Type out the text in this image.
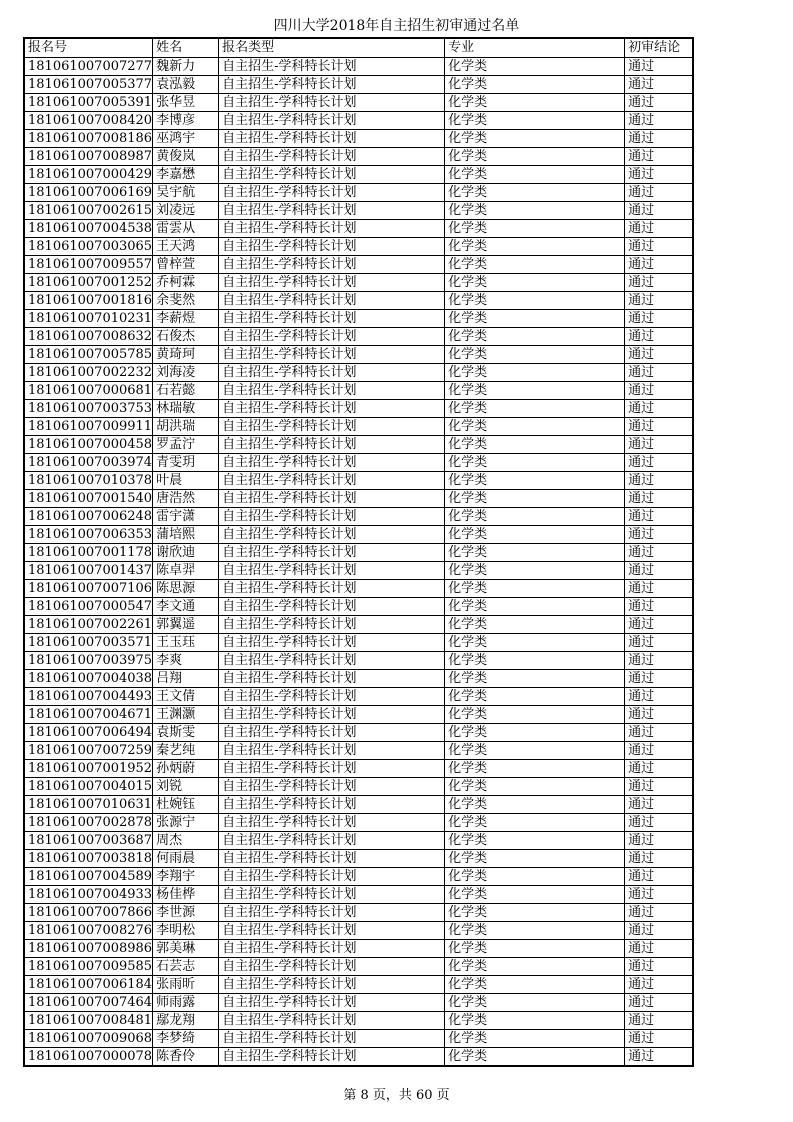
四川大学2018年自主招生初审通过名单
报名号	姓名	报名类型	专业	初审结论
181061007007277	魏新力	自主招生-学科特长计划	化学类	通过
181061007005377	袁泓毅	自主招生-学科特长计划	化学类	通过
181061007005391	张华昱	自主招生-学科特长计划	化学类	通过
181061007008420	李博彦	自主招生-学科特长计划	化学类	通过
181061007008186	巫鸿宇	自主招生-学科特长计划	化学类	通过
181061007008987	黄俊岚	自主招生-学科特长计划	化学类	通过
181061007000429	李嘉懋	自主招生-学科特长计划	化学类	通过
181061007006169	吴宇航	自主招生-学科特长计划	化学类	通过
181061007002615	刘凌远	自主招生-学科特长计划	化学类	通过
181061007004538	雷雲从	自主招生-学科特长计划	化学类	通过
181061007003065	王天鸿	自主招生-学科特长计划	化学类	通过
181061007009557	曾梓萱	自主招生-学科特长计划	化学类	通过
181061007001252	乔柯霖	自主招生-学科特长计划	化学类	通过
181061007001816	余斐然	自主招生-学科特长计划	化学类	通过
181061007010231	李薪煜	自主招生-学科特长计划	化学类	通过
181061007008632	石俊杰	自主招生-学科特长计划	化学类	通过
181061007005785	黄琦珂	自主招生-学科特长计划	化学类	通过
181061007002232	刘海凌	自主招生-学科特长计划	化学类	通过
181061007000681	石若懿	自主招生-学科特长计划	化学类	通过
181061007003753	林瑞敏	自主招生-学科特长计划	化学类	通过
181061007009911	胡洪瑞	自主招生-学科特长计划	化学类	通过
181061007000458	罗孟泞	自主招生-学科特长计划	化学类	通过
181061007003974	青雯玥	自主招生-学科特长计划	化学类	通过
181061007010378	叶晨	自主招生-学科特长计划	化学类	通过
181061007001540	唐浩然	自主招生-学科特长计划	化学类	通过
181061007006248	雷宇潇	自主招生-学科特长计划	化学类	通过
181061007006353	蒲培熙	自主招生-学科特长计划	化学类	通过
181061007001178	谢欣迪	自主招生-学科特长计划	化学类	通过
181061007001437	陈卓羿	自主招生-学科特长计划	化学类	通过
181061007007106	陈思源	自主招生-学科特长计划	化学类	通过
181061007000547	李文通	自主招生-学科特长计划	化学类	通过
181061007002261	郭翼遥	自主招生-学科特长计划	化学类	通过
181061007003571	王玉珏	自主招生-学科特长计划	化学类	通过
181061007003975	李爽	自主招生-学科特长计划	化学类	通过
181061007004038	吕翔	自主招生-学科特长计划	化学类	通过
181061007004493	王文倩	自主招生-学科特长计划	化学类	通过
181061007004671	王渊灏	自主招生-学科特长计划	化学类	通过
181061007006494	袁斯雯	自主招生-学科特长计划	化学类	通过
181061007007259	秦艺纯	自主招生-学科特长计划	化学类	通过
181061007001952	孙炳蔚	自主招生-学科特长计划	化学类	通过
181061007004015	刘锐	自主招生-学科特长计划	化学类	通过
181061007010631	杜婉钰	自主招生-学科特长计划	化学类	通过
181061007002878	张源宁	自主招生-学科特长计划	化学类	通过
181061007003687	周杰	自主招生-学科特长计划	化学类	通过
181061007003818	何雨晨	自主招生-学科特长计划	化学类	通过
181061007004589	李翔宇	自主招生-学科特长计划	化学类	通过
181061007004933	杨佳桦	自主招生-学科特长计划	化学类	通过
181061007007866	李世源	自主招生-学科特长计划	化学类	通过
181061007008276	李明松	自主招生-学科特长计划	化学类	通过
181061007008986	郭美琳	自主招生-学科特长计划	化学类	通过
181061007009585	石芸志	自主招生-学科特长计划	化学类	通过
181061007006184	张雨昕	自主招生-学科特长计划	化学类	通过
181061007007464	师雨露	自主招生-学科特长计划	化学类	通过
181061007008481	鄢龙翔	自主招生-学科特长计划	化学类	通过
181061007009068	李梦绮	自主招生-学科特长计划	化学类	通过
181061007000078	陈香伶	自主招生-学科特长计划	化学类	通过
第 8 页，共 60 页
